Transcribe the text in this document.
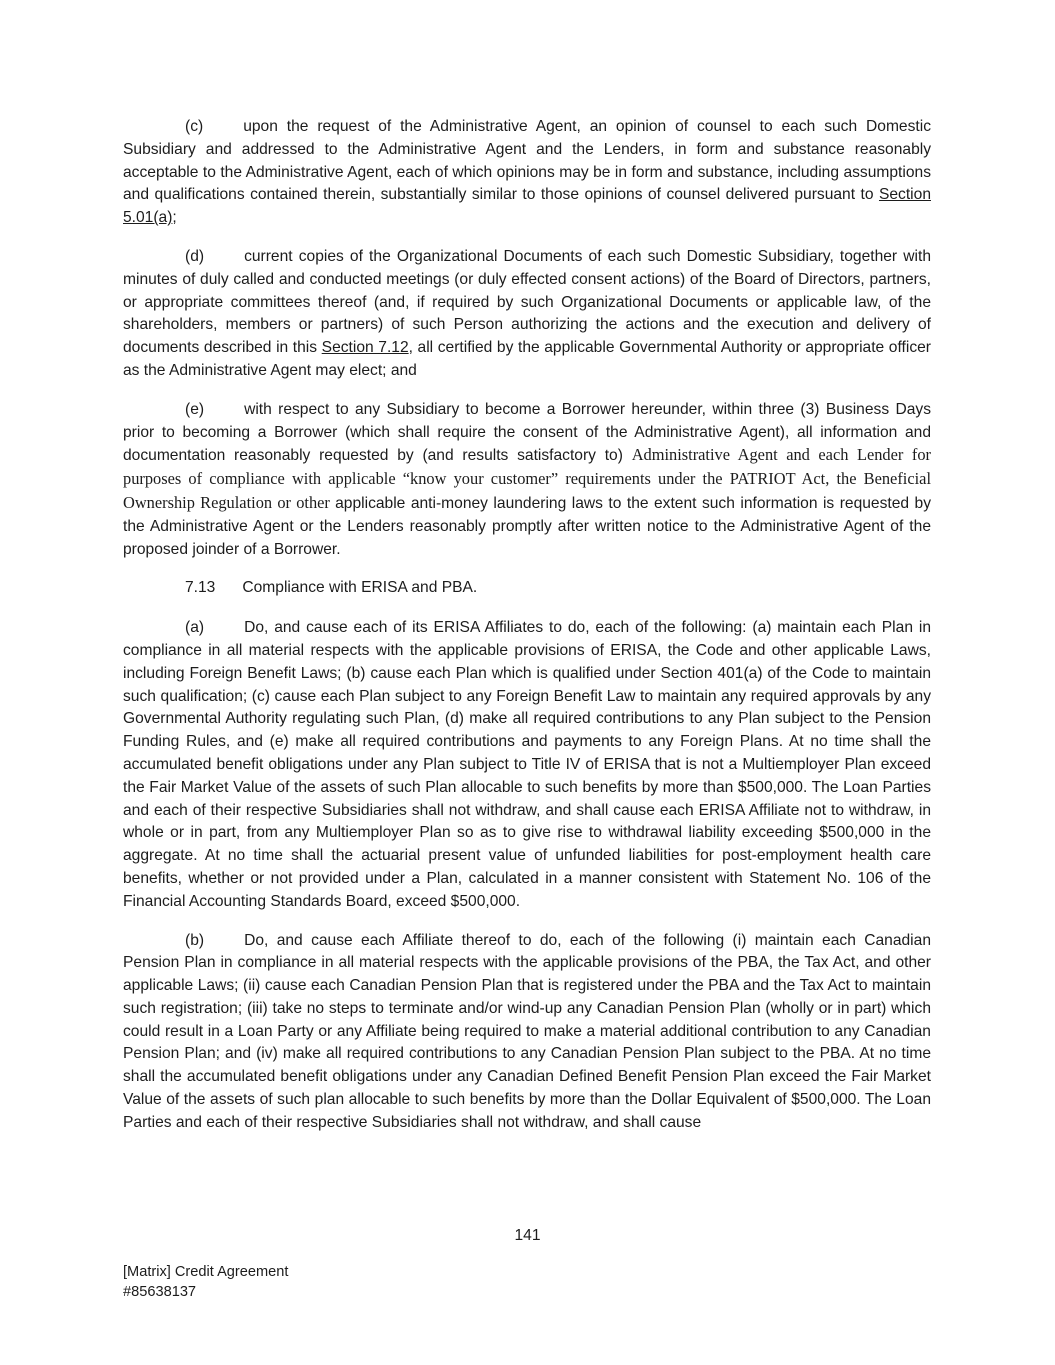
(c)	upon the request of the Administrative Agent, an opinion of counsel to each such Domestic Subsidiary and addressed to the Administrative Agent and the Lenders, in form and substance reasonably acceptable to the Administrative Agent, each of which opinions may be in form and substance, including assumptions and qualifications contained therein, substantially similar to those opinions of counsel delivered pursuant to Section 5.01(a);

(d)	current copies of the Organizational Documents of each such Domestic Subsidiary, together with minutes of duly called and conducted meetings (or duly effected consent actions) of the Board of Directors, partners, or appropriate committees thereof (and, if required by such Organizational Documents or applicable law, of the shareholders, members or partners) of such Person authorizing the actions and the execution and delivery of documents described in this Section 7.12, all certified by the applicable Governmental Authority or appropriate officer as the Administrative Agent may elect; and

(e)	with respect to any Subsidiary to become a Borrower hereunder, within three (3) Business Days prior to becoming a Borrower (which shall require the consent of the Administrative Agent), all information and documentation reasonably requested by (and results satisfactory to) Administrative Agent and each Lender for purposes of compliance with applicable “know your customer” requirements under the PATRIOT Act, the Beneficial Ownership Regulation or other applicable anti-money laundering laws to the extent such information is requested by the Administrative Agent or the Lenders reasonably promptly after written notice to the Administrative Agent of the proposed joinder of a Borrower.

7.13 Compliance with ERISA and PBA.

(a)	Do, and cause each of its ERISA Affiliates to do, each of the following: (a) maintain each Plan in compliance in all material respects with the applicable provisions of ERISA, the Code and other applicable Laws, including Foreign Benefit Laws; (b) cause each Plan which is qualified under Section 401(a) of the Code to maintain such qualification; (c) cause each Plan subject to any Foreign Benefit Law to maintain any required approvals by any Governmental Authority regulating such Plan, (d) make all required contributions to any Plan subject to the Pension Funding Rules, and (e) make all required contributions and payments to any Foreign Plans. At no time shall the accumulated benefit obligations under any Plan subject to Title IV of ERISA that is not a Multiemployer Plan exceed the Fair Market Value of the assets of such Plan allocable to such benefits by more than $500,000. The Loan Parties and each of their respective Subsidiaries shall not withdraw, and shall cause each ERISA Affiliate not to withdraw, in whole or in part, from any Multiemployer Plan so as to give rise to withdrawal liability exceeding $500,000 in the aggregate. At no time shall the actuarial present value of unfunded liabilities for post-employment health care benefits, whether or not provided under a Plan, calculated in a manner consistent with Statement No. 106 of the Financial Accounting Standards Board, exceed $500,000.

(b)	Do, and cause each Affiliate thereof to do, each of the following (i) maintain each Canadian Pension Plan in compliance in all material respects with the applicable provisions of the PBA, the Tax Act, and other applicable Laws; (ii) cause each Canadian Pension Plan that is registered under the PBA and the Tax Act to maintain such registration; (iii) take no steps to terminate and/or wind-up any Canadian Pension Plan (wholly or in part) which could result in a Loan Party or any Affiliate being required to make a material additional contribution to any Canadian Pension Plan; and (iv) make all required contributions to any Canadian Pension Plan subject to the PBA. At no time shall the accumulated benefit obligations under any Canadian Defined Benefit Pension Plan exceed the Fair Market Value of the assets of such plan allocable to such benefits by more than the Dollar Equivalent of $500,000. The Loan Parties and each of their respective Subsidiaries shall not withdraw, and shall cause

141
[Matrix] Credit Agreement
#85638137
